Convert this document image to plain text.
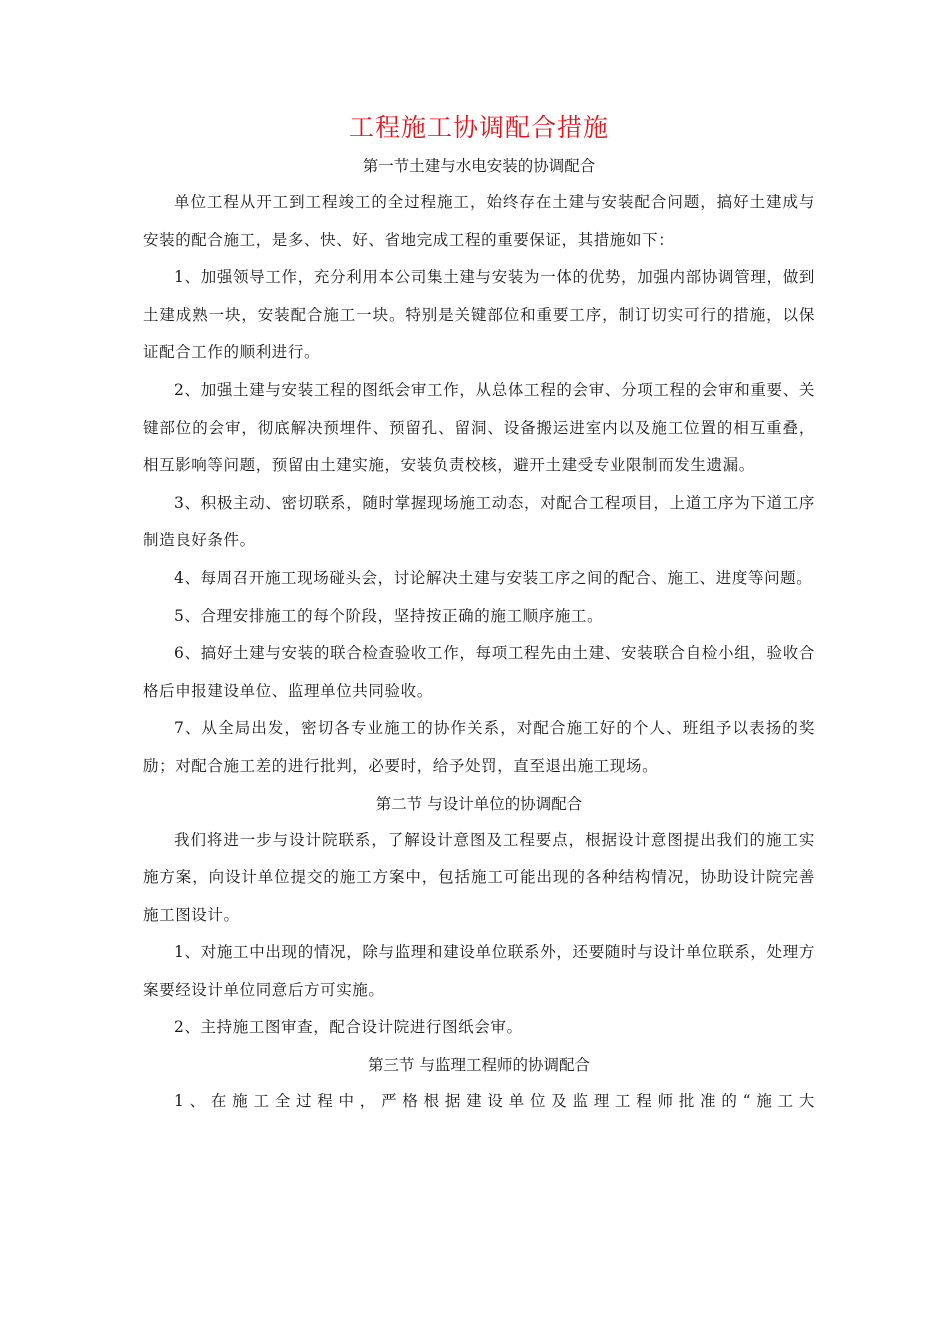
工程施工协调配合措施
第一节土建与水电安装的协调配合

单位工程从开工到工程竣工的全过程施工，始终存在土建与安装配合问题，搞好土建成与安装的配合施工，是多、快、好、省地完成工程的重要保证，其措施如下：

1、加强领导工作，充分利用本公司集土建与安装为一体的优势，加强内部协调管理，做到土建成熟一块，安装配合施工一块。特别是关键部位和重要工序，制订切实可行的措施，以保证配合工作的顺利进行。

2、加强土建与安装工程的图纸会审工作，从总体工程的会审、分项工程的会审和重要、关键部位的会审，彻底解决预埋件、预留孔、留洞、设备搬运进室内以及施工位置的相互重叠，相互影响等问题，预留由土建实施，安装负责校核，避开土建受专业限制而发生遗漏。

3、积极主动、密切联系，随时掌握现场施工动态，对配合工程项目，上道工序为下道工序制造良好条件。

4、每周召开施工现场碰头会，讨论解决土建与安装工序之间的配合、施工、进度等问题。

5、合理安排施工的每个阶段，坚持按正确的施工顺序施工。

6、搞好土建与安装的联合检查验收工作，每项工程先由土建、安装联合自检小组，验收合格后申报建设单位、监理单位共同验收。

7、从全局出发，密切各专业施工的协作关系，对配合施工好的个人、班组予以表扬的奖励；对配合施工差的进行批判，必要时，给予处罚，直至退出施工现场。

第二节 与设计单位的协调配合

我们将进一步与设计院联系，了解设计意图及工程要点，根据设计意图提出我们的施工实施方案，向设计单位提交的施工方案中，包括施工可能出现的各种结构情况，协助设计院完善施工图设计。

1、对施工中出现的情况，除与监理和建设单位联系外，还要随时与设计单位联系，处理方案要经设计单位同意后方可实施。

2、主持施工图审查，配合设计院进行图纸会审。

第三节 与监理工程师的协调配合

1、在施工全过程中，严格根据建设单位及监理工程师批准的“施工大
